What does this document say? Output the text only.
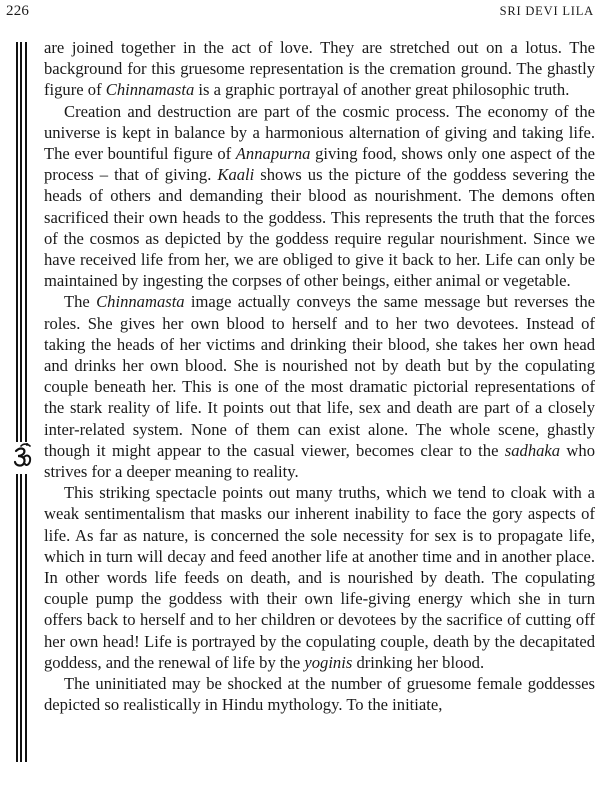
226	SRI DEVI LILA

are joined together in the act of love. They are stretched out on a lotus. The background for this gruesome representation is the cremation ground. The ghastly figure of Chinnamasta is a graphic portrayal of another great philosophic truth.

Creation and destruction are part of the cosmic process. The economy of the universe is kept in balance by a harmonious alternation of giving and taking life. The ever bountiful figure of Annapurna giving food, shows only one aspect of the process – that of giving. Kaali shows us the picture of the goddess severing the heads of others and demanding their blood as nourishment. The demons often sacrificed their own heads to the goddess. This represents the truth that the forces of the cosmos as depicted by the goddess require regular nourishment. Since we have received life from her, we are obliged to give it back to her. Life can only be maintained by ingesting the corpses of other beings, either animal or vegetable.

The Chinnamasta image actually conveys the same message but reverses the roles. She gives her own blood to herself and to her two devotees. Instead of taking the heads of her victims and drinking their blood, she takes her own head and drinks her own blood. She is nourished not by death but by the copulating couple beneath her. This is one of the most dramatic pictorial representations of the stark reality of life. It points out that life, sex and death are part of a closely inter-related system. None of them can exist alone. The whole scene, ghastly though it might appear to the casual viewer, becomes clear to the sadhaka who strives for a deeper meaning to reality.

This striking spectacle points out many truths, which we tend to cloak with a weak sentimentalism that masks our inherent inability to face the gory aspects of life. As far as nature, is concerned the sole necessity for sex is to propagate life, which in turn will decay and feed another life at another time and in another place. In other words life feeds on death, and is nourished by death. The copulating couple pump the goddess with their own life-giving energy which she in turn offers back to herself and to her children or devotees by the sacrifice of cutting off her own head! Life is portrayed by the copulating couple, death by the decapitated goddess, and the renewal of life by the yoginis drinking her blood.

The uninitiated may be shocked at the number of gruesome female goddesses depicted so realistically in Hindu mythology. To the initiate,
